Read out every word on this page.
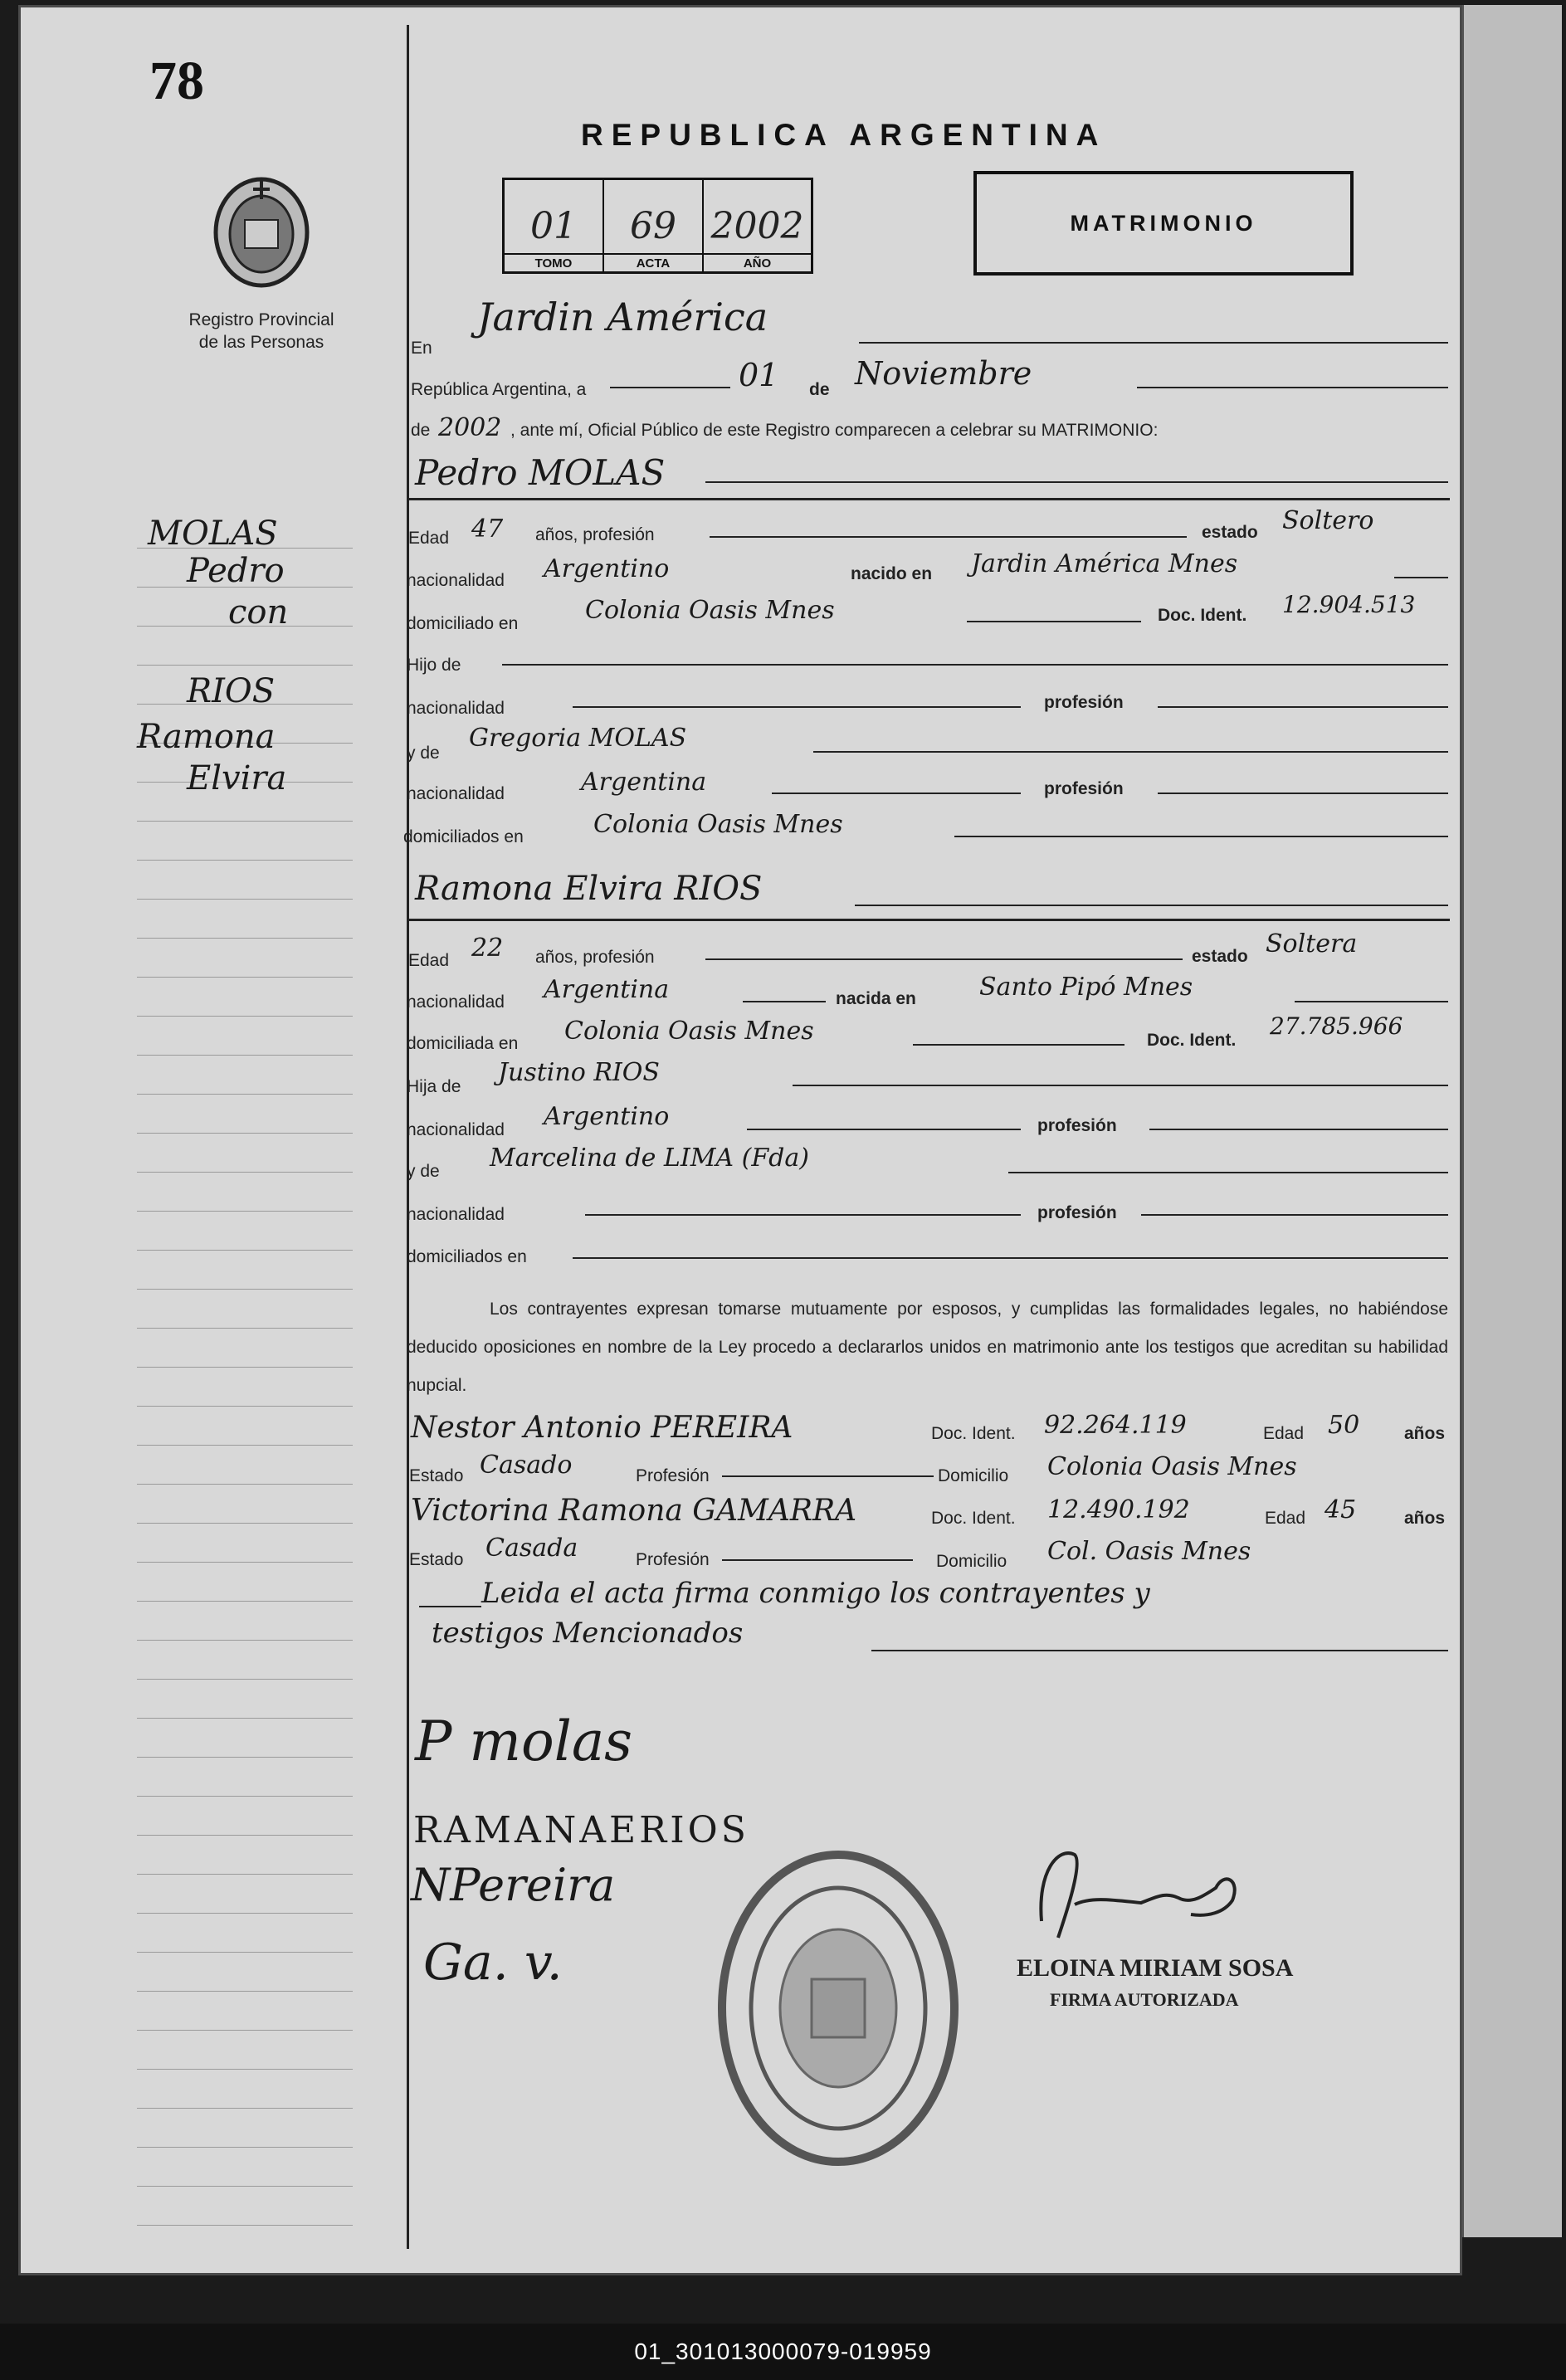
78
Registro Provincial
de las Personas
REPUBLICA ARGENTINA
01
TOMO
69
ACTA
2002
AÑO
MATRIMONIO
En
Jardin América
República Argentina, a	01 de Noviembre
de 2002 , ante mí, Oficial Público de este Registro comparecen a celebrar su MATRIMONIO:
Pedro MOLAS
Edad 47 años, profesión	estado Soltero
nacionalidad Argentino	nacido en Jardin América Mnes
domiciliado en	Colonia Oasis Mnes	Doc. Ident. 12.904.513
Hijo de
nacionalidad	profesión
y de
Gregoria MOLAS
nacionalidad	Argentina	profesión
domiciliados en	Colonia Oasis Mnes
Ramona Elvira RIOS
Edad 22 años, profesión	estado Soltera
nacionalidad Argentina	nacida en	Santo Pipó Mnes
domiciliada en Colonia Oasis Mnes	Doc. Ident.
27.785.966
Hija de Justino RIOS
nacionalidad Argentino	profesión
y de Marcelina de LIMA (Fda)
nacionalidad	profesión
domiciliados en
Los contrayentes expresan tomarse mutuamente por esposos, y cumplidas las formalidades legales, no habiéndose deducido oposiciones en nombre de la Ley procedo a declararlos unidos en matrimonio ante los testigos que acreditan su habilidad nupcial.
Nestor Antonio PEREIRA	Doc. Ident. 92.264.119	Edad 50	años
Estado Casado	Profesión	Domicilio Colonia Oasis Mnes
Victorina Ramona GAMARRA	Doc. Ident. 12.490.192	Edad 45	años
Estado Casada	Profesión	Domicilio Col. Oasis Mnes
Leida el acta firma conmigo los contrayentes y
testigos Mencionados
MOLAS
Pedro
con
RIOS
Ramona
Elvira
P molas
RAMANAERIOS
NPereira
Ga. v.	ELOINA MIRIAM SOSA
FIRMA AUTORIZADA
01_301013000079-019959
